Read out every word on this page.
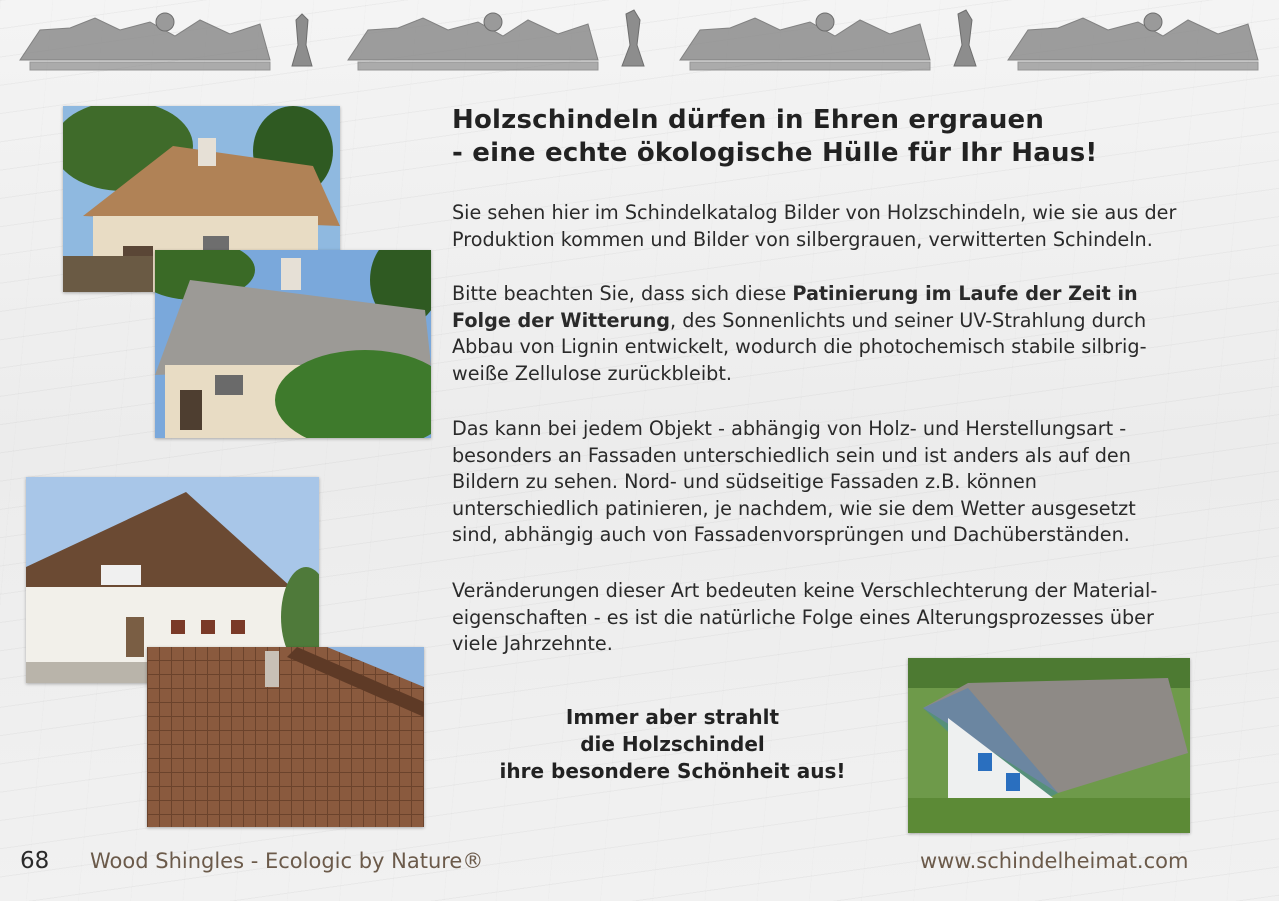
Holzschindeln dürfen in Ehren ergrauen
- eine echte ökologische Hülle für Ihr Haus!
Sie sehen hier im Schindelkatalog Bilder von Holzschindeln, wie sie aus der
Produktion kommen und Bilder von silbergrauen, verwitterten Schindeln.
Bitte beachten Sie, dass sich diese Patinierung im Laufe der Zeit in
Folge der Witterung, des Sonnenlichts und seiner UV-Strahlung durch
Abbau von Lignin entwickelt, wodurch die photochemisch stabile silbrig-
weiße Zellulose zurückbleibt.
Das kann bei jedem Objekt - abhängig von Holz- und Herstellungsart -
besonders an Fassaden unterschiedlich sein und ist anders als auf den
Bildern zu sehen. Nord- und südseitige Fassaden z.B. können
unterschiedlich patinieren, je nachdem, wie sie dem Wetter ausgesetzt
sind, abhängig auch von Fassadenvorsprüngen und Dachüberständen.
Veränderungen dieser Art bedeuten keine Verschlechterung der Material-
eigenschaften - es ist die natürliche Folge eines Alterungsprozesses über
viele Jahrzehnte.
Immer aber strahlt
die Holzschindel
ihre besondere Schönheit aus!
68 Wood Shingles - Ecologic by Nature®	www.schindelheimat.com
